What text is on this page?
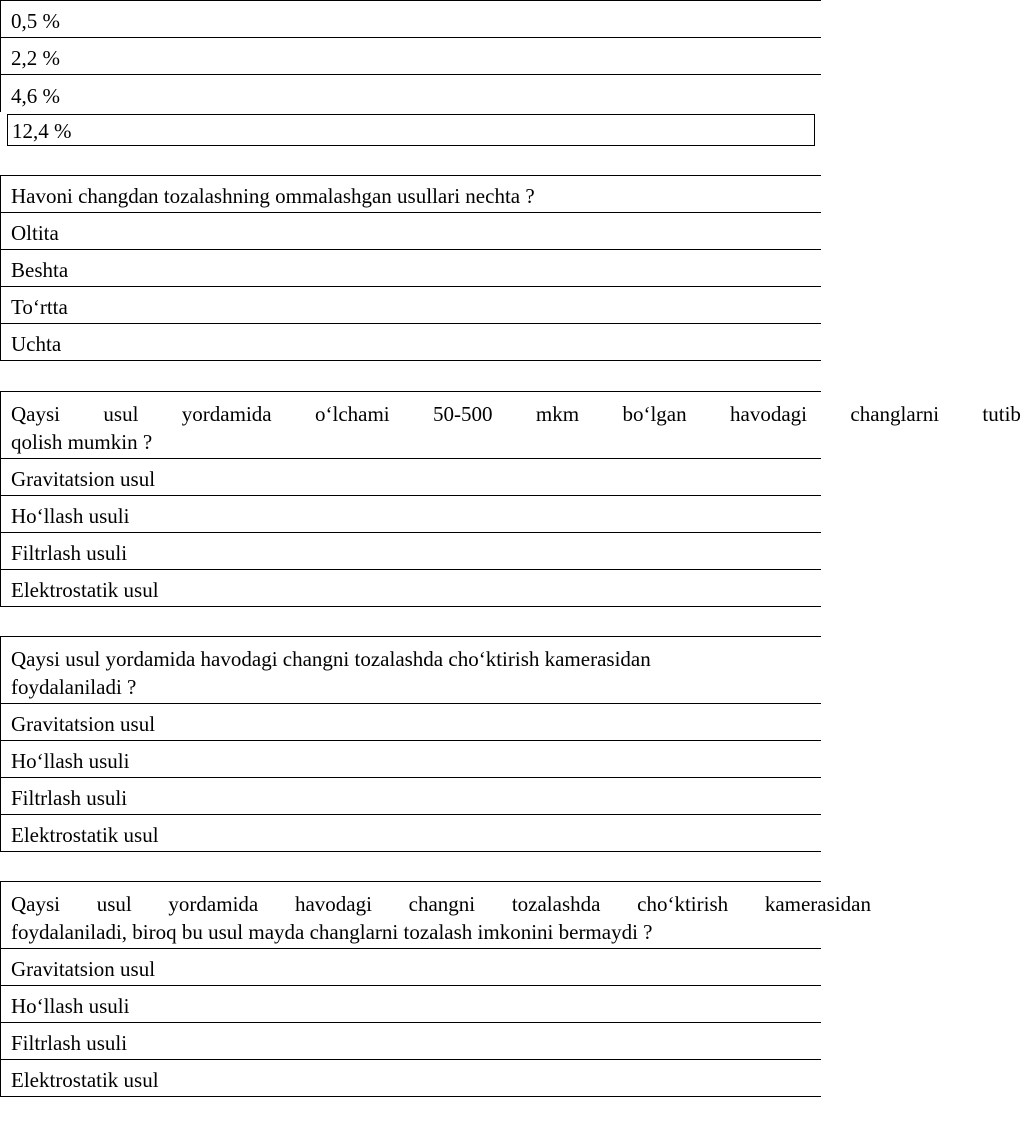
0,5 %
2,2 %
4,6 %
12,4 %
Havoni changdan tozalashning ommalashgan usullari nechta ?
Oltita
Beshta
To‘rtta
Uchta
Qaysi usul yordamida o‘lchami 50-500 mkm bo‘lgan havodagi changlarni tutib
qolish mumkin ?
Gravitatsion usul
Ho‘llash usuli
Filtrlash usuli
Elektrostatik usul
Qaysi usul yordamida havodagi changni tozalashda cho‘ktirish kamerasidan
foydalaniladi ?
Gravitatsion usul
Ho‘llash usuli
Filtrlash usuli
Elektrostatik usul
Qaysi usul yordamida havodagi changni tozalashda cho‘ktirish kamerasidan
foydalaniladi, biroq bu usul mayda changlarni tozalash imkonini bermaydi ?
Gravitatsion usul
Ho‘llash usuli
Filtrlash usuli
Elektrostatik usul
